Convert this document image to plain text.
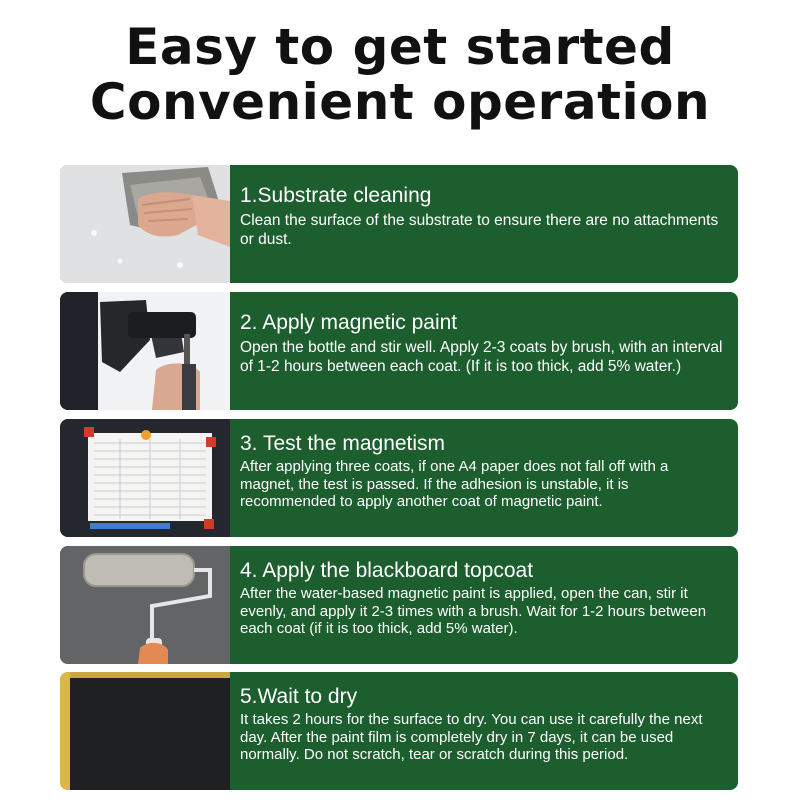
Easy to get started
Convenient operation
1.Substrate cleaning
Clean the surface of the substrate to ensure there are no attachments or dust.
2. Apply magnetic paint
Open the bottle and stir well. Apply 2-3 coats by brush, with an interval of 1-2 hours between each coat. (If it is too thick, add 5% water.)
3. Test the magnetism
After applying three coats, if one A4 paper does not fall off with a magnet, the test is passed. If the adhesion is unstable, it is recommended to apply another coat of magnetic paint.
4. Apply the blackboard topcoat
After the water-based magnetic paint is applied, open the can, stir it evenly, and apply it 2-3 times with a brush. Wait for 1-2 hours between each coat (if it is too thick, add 5% water).
5.Wait to dry
It takes 2 hours for the surface to dry. You can use it carefully the next day. After the paint film is completely dry in 7 days, it can be used normally. Do not scratch, tear or scratch during this period.
